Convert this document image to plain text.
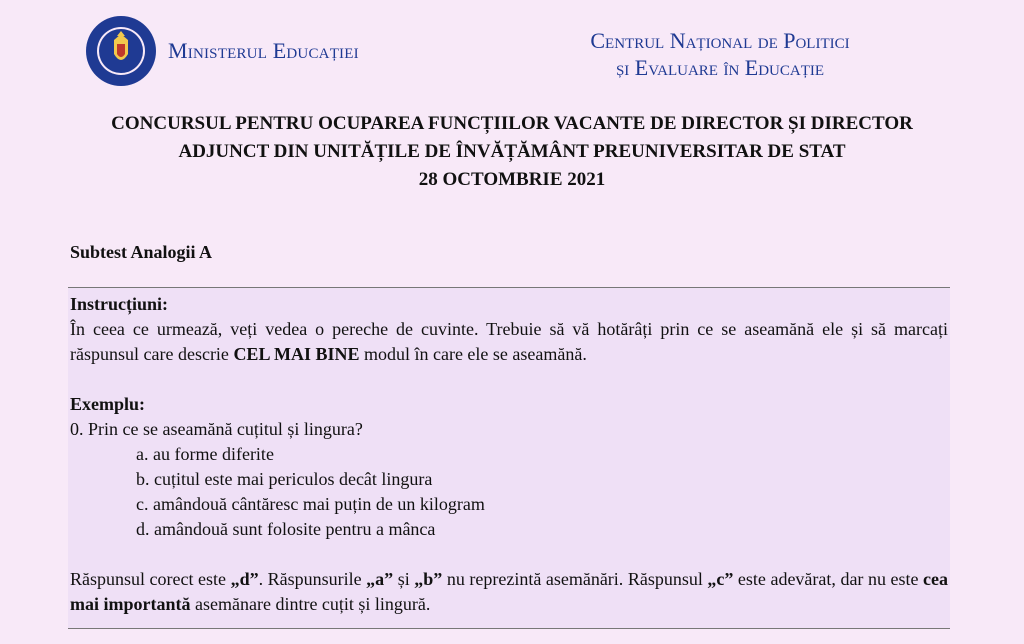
Ministerul Educației	Centrul Național de Politici
și Evaluare în Educație
CONCURSUL PENTRU OCUPAREA FUNCȚIILOR VACANTE DE DIRECTOR ȘI DIRECTOR
ADJUNCT DIN UNITĂȚILE DE ÎNVĂȚĂMÂNT PREUNIVERSITAR DE STAT
28 OCTOMBRIE 2021
Subtest Analogii A
Instrucțiuni:
În ceea ce urmează, veți vedea o pereche de cuvinte. Trebuie să vă hotărâți prin ce se aseamănă ele și să marcați răspunsul care descrie CEL MAI BINE modul în care ele se aseamănă.
Exemplu:
0. Prin ce se aseamănă cuțitul și lingura?
a. au forme diferite
b. cuțitul este mai periculos decât lingura
c. amândouă cântăresc mai puțin de un kilogram
d. amândouă sunt folosite pentru a mânca
Răspunsul corect este „d”. Răspunsurile „a” și „b” nu reprezintă asemănări. Răspunsul „c” este adevărat, dar nu este cea mai importantă asemănare dintre cuțit și lingură.
